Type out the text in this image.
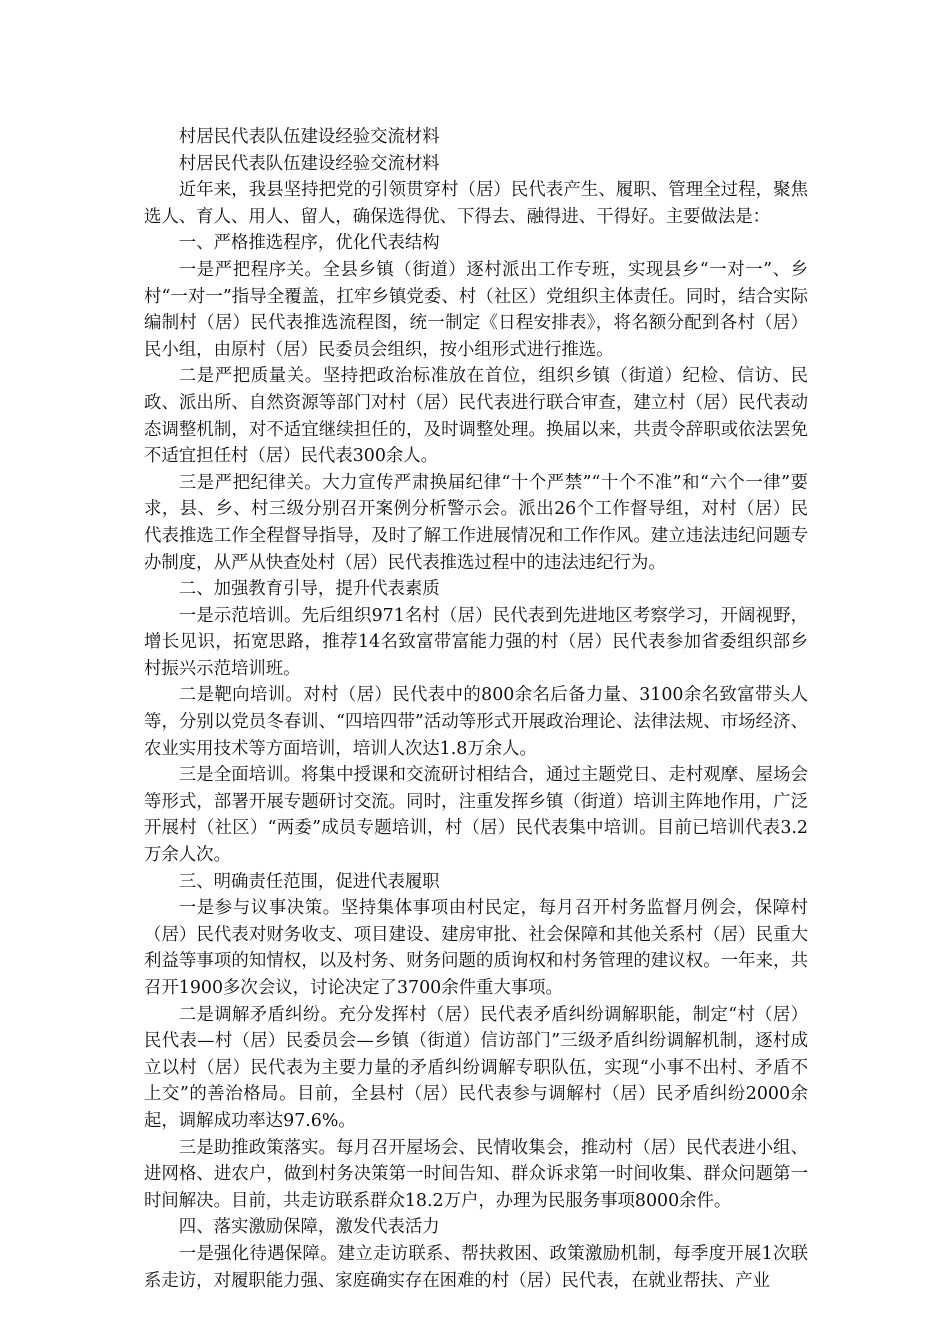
村居民代表队伍建设经验交流材料

村居民代表队伍建设经验交流材料

近年来，我县坚持把党的引领贯穿村（居）民代表产生、履职、管理全过程，聚焦选人、育人、用人、留人，确保选得优、下得去、融得进、干得好。主要做法是：

一、严格推选程序，优化代表结构

一是严把程序关。全县乡镇（街道）逐村派出工作专班，实现县乡“一对一”、乡村“一对一”指导全覆盖，扛牢乡镇党委、村（社区）党组织主体责任。同时，结合实际编制村（居）民代表推选流程图，统一制定《日程安排表》，将名额分配到各村（居）民小组，由原村（居）民委员会组织，按小组形式进行推选。

二是严把质量关。坚持把政治标准放在首位，组织乡镇（街道）纪检、信访、民政、派出所、自然资源等部门对村（居）民代表进行联合审查，建立村（居）民代表动态调整机制，对不适宜继续担任的，及时调整处理。换届以来，共责令辞职或依法罢免不适宜担任村（居）民代表300余人。

三是严把纪律关。大力宣传严肃换届纪律“十个严禁”“十个不准”和“六个一律”要求，县、乡、村三级分别召开案例分析警示会。派出26个工作督导组，对村（居）民代表推选工作全程督导指导，及时了解工作进展情况和工作作风。建立违法违纪问题专办制度，从严从快查处村（居）民代表推选过程中的违法违纪行为。

二、加强教育引导，提升代表素质

一是示范培训。先后组织971名村（居）民代表到先进地区考察学习，开阔视野，增长见识，拓宽思路，推荐14名致富带富能力强的村（居）民代表参加省委组织部乡村振兴示范培训班。

二是靶向培训。对村（居）民代表中的800余名后备力量、3100余名致富带头人等，分别以党员冬春训、“四培四带”活动等形式开展政治理论、法律法规、市场经济、农业实用技术等方面培训，培训人次达1.8万余人。

三是全面培训。将集中授课和交流研讨相结合，通过主题党日、走村观摩、屋场会等形式，部署开展专题研讨交流。同时，注重发挥乡镇（街道）培训主阵地作用，广泛开展村（社区）“两委”成员专题培训，村（居）民代表集中培训。目前已培训代表3.2万余人次。

三、明确责任范围，促进代表履职

一是参与议事决策。坚持集体事项由村民定，每月召开村务监督月例会，保障村（居）民代表对财务收支、项目建设、建房审批、社会保障和其他关系村（居）民重大利益等事项的知情权，以及村务、财务问题的质询权和村务管理的建议权。一年来，共召开1900多次会议，讨论决定了3700余件重大事项。

二是调解矛盾纠纷。充分发挥村（居）民代表矛盾纠纷调解职能，制定“村（居）民代表—村（居）民委员会—乡镇（街道）信访部门”三级矛盾纠纷调解机制，逐村成立以村（居）民代表为主要力量的矛盾纠纷调解专职队伍，实现“小事不出村、矛盾不上交”的善治格局。目前，全县村（居）民代表参与调解村（居）民矛盾纠纷2000余起，调解成功率达97.6%。

三是助推政策落实。每月召开屋场会、民情收集会，推动村（居）民代表进小组、进网格、进农户，做到村务决策第一时间告知、群众诉求第一时间收集、群众问题第一时间解决。目前，共走访联系群众18.2万户，办理为民服务事项8000余件。

四、落实激励保障，激发代表活力

一是强化待遇保障。建立走访联系、帮扶救困、政策激励机制，每季度开展1次联系走访，对履职能力强、家庭确实存在困难的村（居）民代表，在就业帮扶、产业
